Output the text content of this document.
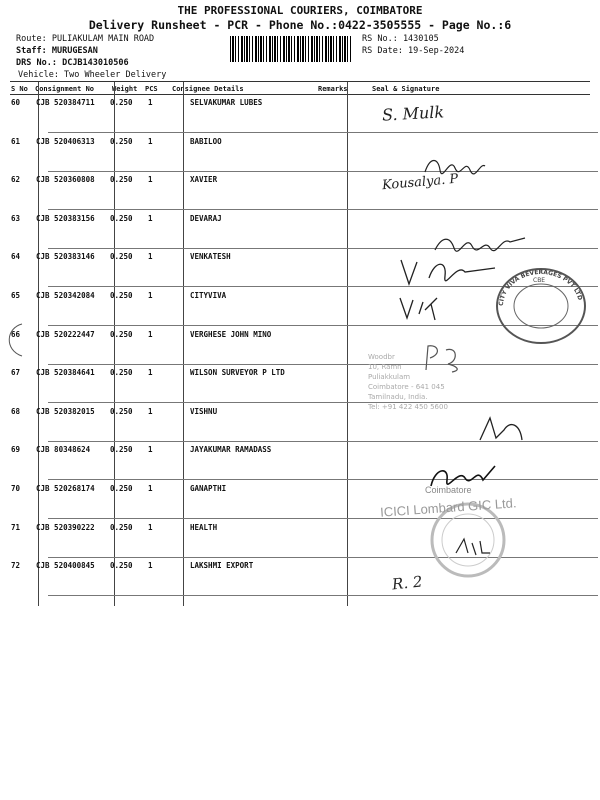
THE PROFESSIONAL COURIERS, COIMBATORE
Delivery Runsheet - PCR - Phone No.:0422-3505555 - Page No.:6
Route: PULIAKULAM MAIN ROAD
Staff: MURUGESAN
DRS No.: DCJB143010506
Vehicle: Two Wheeler Delivery
RS No.: 1430105
RS Date: 19-Sep-2024
S No Consignment No	Weight PCS Consignee Details	Remarks	Seal & Signature
60 CJB 520384711 0.250 1	SELVAKUMAR LUBES
61 CJB 520406313 0.250 1	BABILOO
62 CJB 520360808 0.250 1	XAVIER
63 CJB 520383156 0.250 1	DEVARAJ
64 CJB 520383146 0.250 1	VENKATESH
65 CJB 520342084 0.250 1	CITYVIVA
66 CJB 520222447 0.250 1	VERGHESE JOHN MINO
67 CJB 520384641 0.250 1	WILSON SURVEYOR P LTD
68 CJB 520382015 0.250 1	VISHNU
69 CJB 80348624	0.250 1	JAYAKUMAR RAMADASS
70 CJB 520268174 0.250 1	GANAPTHI
71 CJB 520390222 0.250 1	HEALTH
72 CJB 520400845 0.250 1	LAKSHMI EXPORT
CITY VIVA BEVERAGES PVT LTD
CBE
Woodbr
10, Ramn
Puliakkulam
Coimbatore - 641 045
Tamilnadu, India.
Tel: +91 422 450 5600
Coimbatore
ICICI Lombard GIC Ltd.
S. Mulk
Kousalya. P
R. 2
